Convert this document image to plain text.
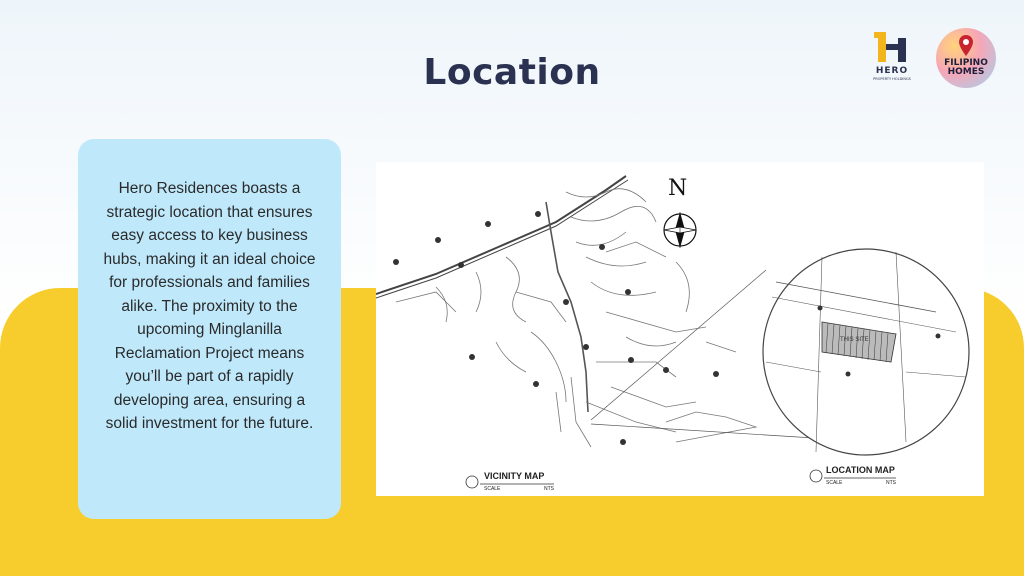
Location	HERO
PROPERTY HOLDINGS
FILIPINO
HOMES

Hero Residences boasts a strategic location that ensures easy access to key business hubs, making it an ideal choice for professionals and families alike. The proximity to the upcoming Minglanilla Reclamation Project means you’ll be part of a rapidly developing area, ensuring a solid investment for the future.

N
THIS SITE
VICINITY MAP
SCALE	NTS
LOCATION MAP
SCALE	NTS
